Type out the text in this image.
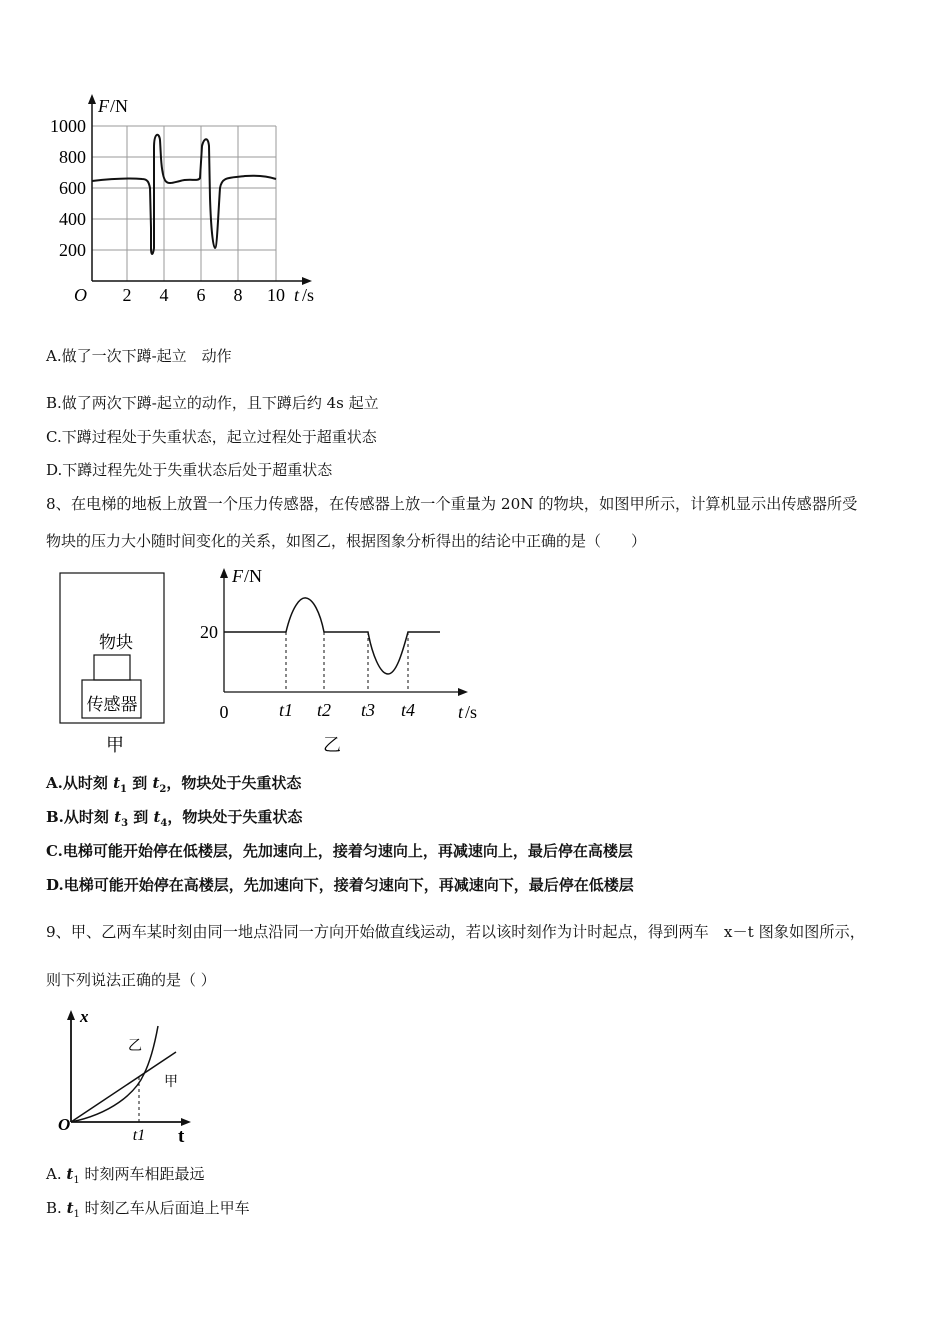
F /N
1000
800
600
400
200
O 2 4 6 8 10 t /s
A.做了一次下蹲-起立　动作
B.做了两次下蹲-起立的动作，且下蹲后约 4s 起立
C.下蹲过程处于失重状态，起立过程处于超重状态
D.下蹲过程先处于失重状态后处于超重状态
8、在电梯的地板上放置一个压力传感器，在传感器上放一个重量为 20N 的物块，如图甲所示，计算机显示出传感器所受
物块的压力大小随时间变化的关系，如图乙，根据图象分析得出的结论中正确的是（　　）
物块
传感器
甲
F /N
20
0	t1 t2 t3 t4 t /s
乙
A.从时刻 $t_1$ 到 $t_2$，物块处于失重状态
B.从时刻 $t_3$ 到 $t_4$，物块处于失重状态
C.电梯可能开始停在低楼层，先加速向上，接着匀速向上，再减速向上，最后停在高楼层
D.电梯可能开始停在高楼层，先加速向下，接着匀速向下，再减速向下，最后停在低楼层
9、甲、乙两车某时刻由同一地点沿同一方向开始做直线运动，若以该时刻作为计时起点，得到两车　x－t 图象如图所示，
则下列说法正确的是（ ）
x
乙
甲
O
t1 t
A. $t_1$ 时刻两车相距最远
B. $t_1$ 时刻乙车从后面追上甲车
